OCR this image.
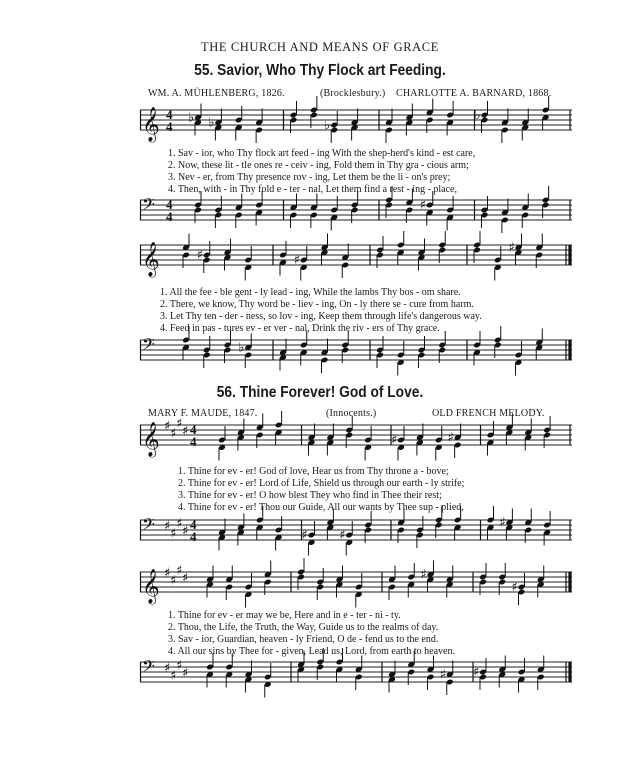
THE CHURCH AND MEANS OF GRACE
55. Savior, Who Thy Flock art Feeding.
WM. A. MÜHLENBERG, 1826.	(Brocklesbury.) CHARLOTTE A. BARNARD, 1868.
𝄞 4
4
♭ ♭	♭
♭
1. Sav - ior, who Thy flock art feed - ing With the shep-herd's kind - est care,
2. Now, these lit - tle ones re - ceiv - ing, Fold them in Thy gra - cious arm;
3. Nev - er, from Thy presence rov - ing, Let them be the li - on's prey;
4. Then, with - in Thy fold e - ter - nal, Let them find a rest - ing - place,
𝄢 4
4
♯
𝄞	♯	♯
♯
1. All the fee - ble gent - ly lead - ing, While the lambs Thy bos - om share.
2. There, we know, Thy word be - liev - ing, On - ly there se - cure from harm.
3. Let Thy ten - der - ness, so lov - ing, Keep them through life's dangerous way.
4. Feed in pas - tures ev - er ver - nal, Drink the riv - ers of Thy grace.
𝄢	♭
56. Thine Forever! God of Love.
MARY F. MAUDE, 1847.	(Innocents.)	OLD FRENCH MELODY.
𝄞 ♯ ♯
♯ ♯ 4
4	♯	♯
1. Thine for ev - er! God of love, Hear us from Thy throne a - bove;
2. Thine for ev - er! Lord of Life, Shield us through our earth - ly strife;
3. Thine for ev - er! O how blest They who find in Thee their rest;
4. Thine for ev - er! Thou our Guide, All our wants by Thee sup - plied,
𝄢 ♯ ♯
♯ ♯ 4
4	♯ ♯
♯
𝄞 ♯ ♯
♯ ♯	♯
♯
1. Thine for ev - er may we be, Here and in e - ter - ni - ty.
2. Thou, the Life, the Truth, the Way, Guide us to the realms of day.
3. Sav - ior, Guardian, heaven - ly Friend, O de - fend us to the end.
4. All our sins by Thee for - given, Lead us, Lord, from earth to heaven.
𝄢 ♯ ♯
♯ ♯	♯ ♯
